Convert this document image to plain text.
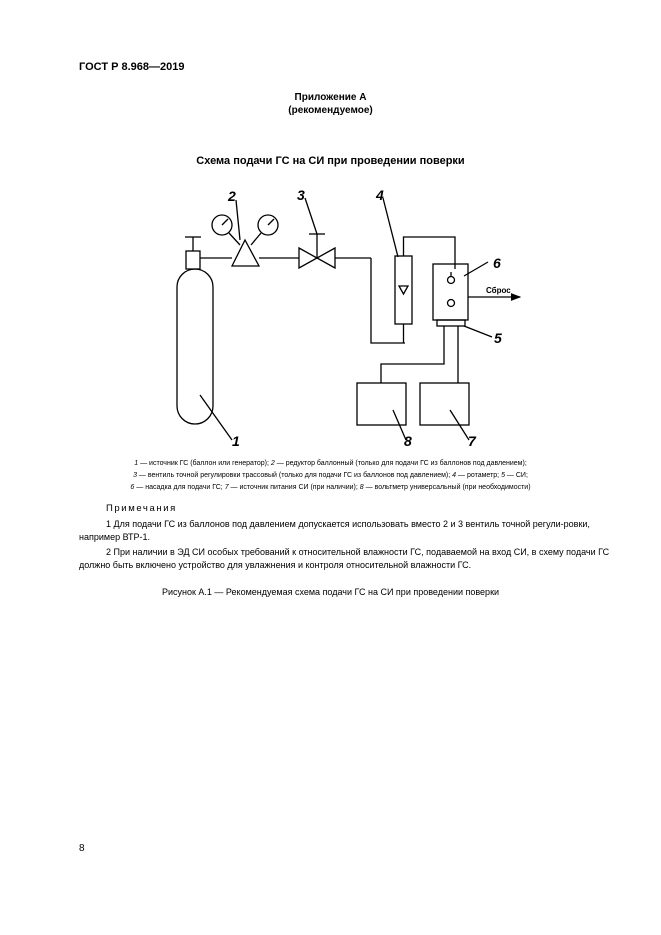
ГОСТ Р 8.968—2019
Приложение А
(рекомендуемое)
Схема подачи ГС на СИ при проведении поверки
1
2	3	4
5
6
7
8
Сброс
1 — источник ГС (баллон или генератор); 2 — редуктор баллонный (только для подачи ГС из баллонов под давлением);
3 — вентиль точной регулировки трассовый (только для подачи ГС из баллонов под давлением); 4 — ротаметр; 5 — СИ;
6 — насадка для подачи ГС; 7 — источник питания СИ (при наличии); 8 — вольтметр универсальный (при необходимости)
Примечания
1 Для подачи ГС из баллонов под давлением допускается использовать вместо 2 и 3 вентиль точной регули-ровки, например ВТР-1.
2 При наличии в ЭД СИ особых требований к относительной влажности ГС, подаваемой на вход СИ, в схему подачи ГС должно быть включено устройство для увлажнения и контроля относительной влажности ГС.
Рисунок А.1 — Рекомендуемая схема подачи ГС на СИ при проведении поверки
8
